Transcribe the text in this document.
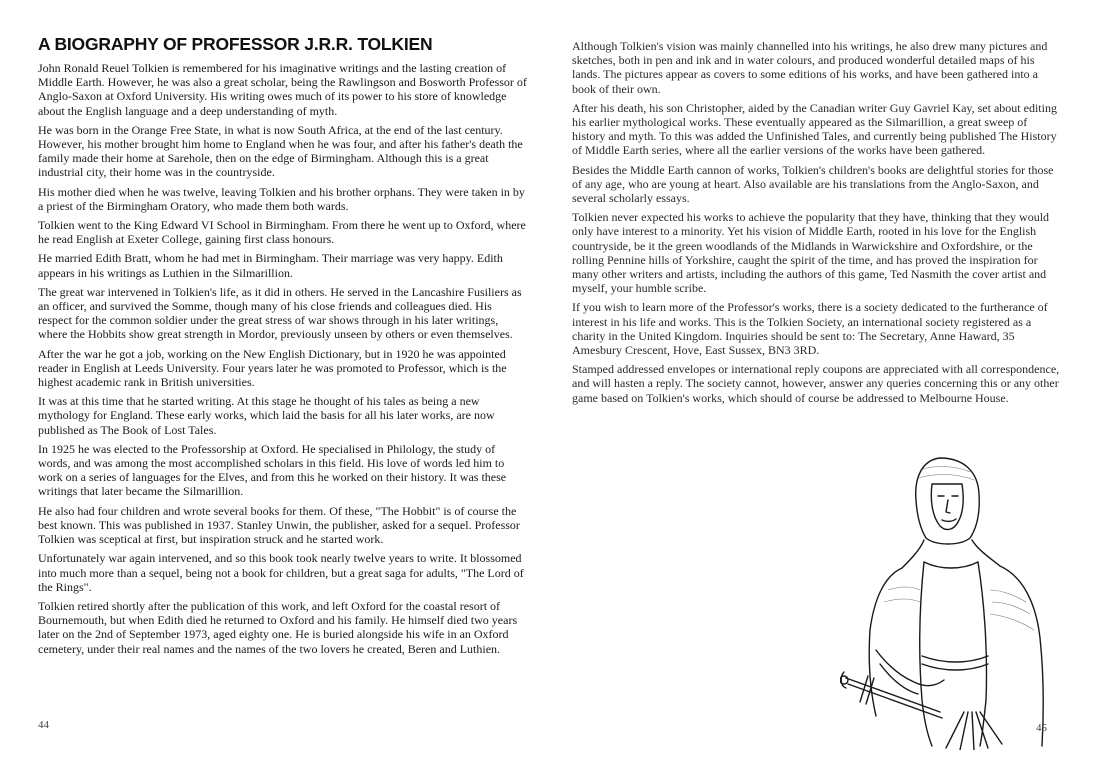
A BIOGRAPHY OF PROFESSOR J.R.R. TOLKIEN

John Ronald Reuel Tolkien is remembered for his imaginative writings and the lasting creation of Middle Earth. However, he was also a great scholar, being the Rawlingson and Bosworth Professor of Anglo-Saxon at Oxford University. His writing owes much of its power to his store of knowledge about the English language and a deep understanding of myth.

He was born in the Orange Free State, in what is now South Africa, at the end of the last century. However, his mother brought him home to England when he was four, and after his father's death the family made their home at Sarehole, then on the edge of Birmingham. Although this is a great industrial city, their home was in the countryside.

His mother died when he was twelve, leaving Tolkien and his brother orphans. They were taken in by a priest of the Birmingham Oratory, who made them both wards.

Tolkien went to the King Edward VI School in Birmingham. From there he went up to Oxford, where he read English at Exeter College, gaining first class honours.

He married Edith Bratt, whom he had met in Birmingham. Their marriage was very happy. Edith appears in his writings as Luthien in the Silmarillion.

The great war intervened in Tolkien's life, as it did in others. He served in the Lancashire Fusiliers as an officer, and survived the Somme, though many of his close friends and colleagues died. His respect for the common soldier under the great stress of war shows through in his later writings, where the Hobbits show great strength in Mordor, previously unseen by others or even themselves.

After the war he got a job, working on the New English Dictionary, but in 1920 he was appointed reader in English at Leeds University. Four years later he was promoted to Professor, which is the highest academic rank in British universities.

It was at this time that he started writing. At this stage he thought of his tales as being a new mythology for England. These early works, which laid the basis for all his later works, are now published as The Book of Lost Tales.

In 1925 he was elected to the Professorship at Oxford. He specialised in Philology, the study of words, and was among the most accomplished scholars in this field. His love of words led him to work on a series of languages for the Elves, and from this he worked on their history. It was these writings that later became the Silmarillion.

He also had four children and wrote several books for them. Of these, "The Hobbit" is of course the best known. This was published in 1937. Stanley Unwin, the publisher, asked for a sequel. Professor Tolkien was sceptical at first, but inspiration struck and he started work.

Unfortunately war again intervened, and so this book took nearly twelve years to write. It blossomed into much more than a sequel, being not a book for children, but a great saga for adults, "The Lord of the Rings".

Tolkien retired shortly after the publication of this work, and left Oxford for the coastal resort of Bournemouth, but when Edith died he returned to Oxford and his family. He himself died two years later on the 2nd of September 1973, aged eighty one. He is buried alongside his wife in an Oxford cemetery, under their real names and the names of the two lovers he created, Beren and Luthien.

44

Although Tolkien's vision was mainly channelled into his writings, he also drew many pictures and sketches, both in pen and ink and in water colours, and produced wonderful detailed maps of his lands. The pictures appear as covers to some editions of his works, and have been gathered into a book of their own.

After his death, his son Christopher, aided by the Canadian writer Guy Gavriel Kay, set about editing his earlier mythological works. These eventually appeared as the Silmarillion, a great sweep of history and myth. To this was added the Unfinished Tales, and currently being published The History of Middle Earth series, where all the earlier versions of the works have been gathered.

Besides the Middle Earth cannon of works, Tolkien's children's books are delightful stories for those of any age, who are young at heart. Also available are his translations from the Anglo-Saxon, and several scholarly essays.

Tolkien never expected his works to achieve the popularity that they have, thinking that they would only have interest to a minority. Yet his vision of Middle Earth, rooted in his love for the English countryside, be it the green woodlands of the Midlands in Warwickshire and Oxfordshire, or the rolling Pennine hills of Yorkshire, caught the spirit of the time, and has proved the inspiration for many other writers and artists, including the authors of this game, Ted Nasmith the cover artist and myself, your humble scribe.

If you wish to learn more of the Professor's works, there is a society dedicated to the furtherance of interest in his life and works. This is the Tolkien Society, an international society registered as a charity in the United Kingdom. Inquiries should be sent to: The Secretary, Anne Haward, 35 Amesbury Crescent, Hove, East Sussex, BN3 3RD.

Stamped addressed envelopes or international reply coupons are appreciated with all correspondence, and will hasten a reply. The society cannot, however, answer any queries concerning this or any other game based on Tolkien's works, which should of course be addressed to Melbourne House.

45
